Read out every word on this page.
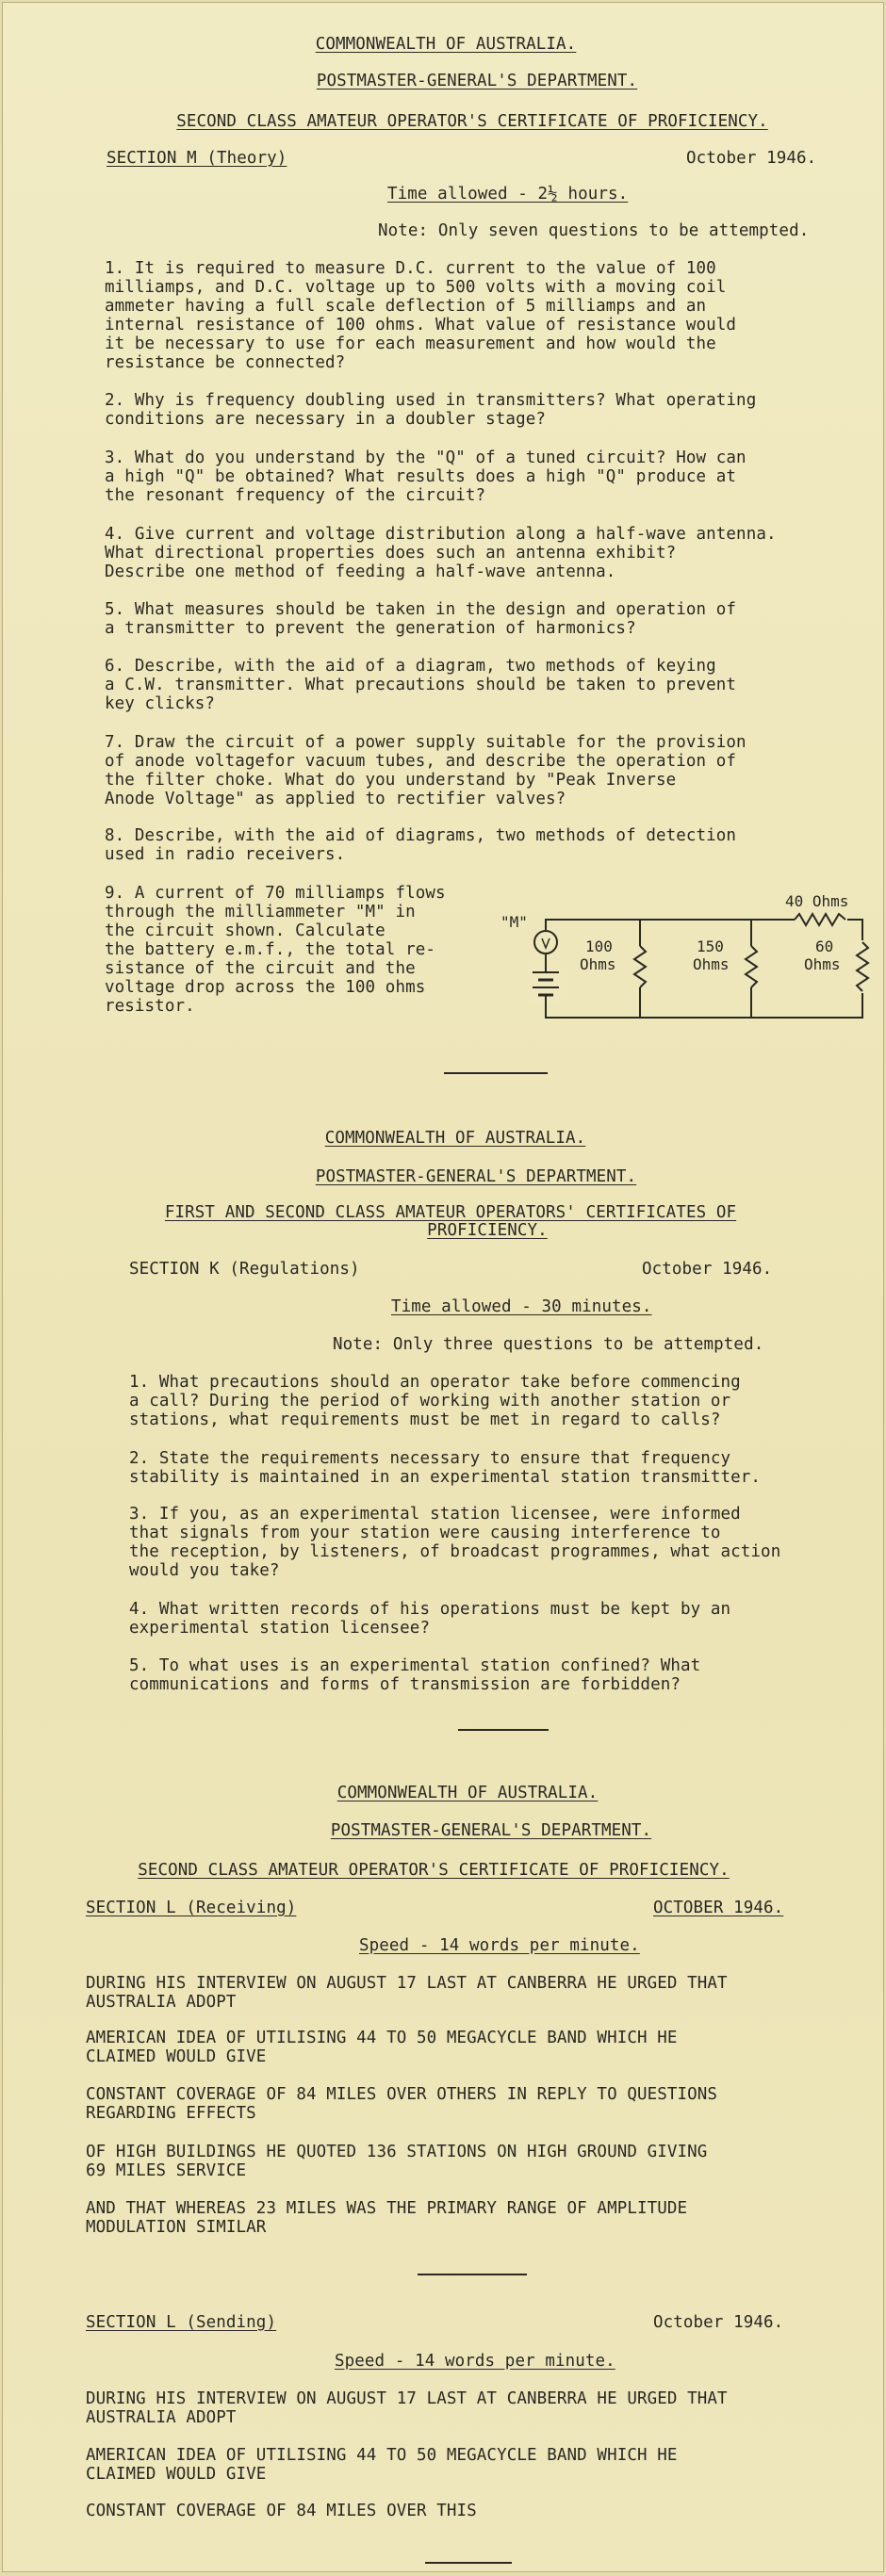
COMMONWEALTH OF AUSTRALIA.
POSTMASTER-GENERAL'S DEPARTMENT.
SECOND CLASS AMATEUR OPERATOR'S CERTIFICATE OF PROFICIENCY.
SECTION M (Theory)	October 1946.
Time allowed - 2½ hours.
Note: Only seven questions to be attempted.
1. It is required to measure D.C. current to the value of 100
milliamps, and D.C. voltage up to 500 volts with a moving coil
ammeter having a full scale deflection of 5 milliamps and an
internal resistance of 100 ohms. What value of resistance would
it be necessary to use for each measurement and how would the
resistance be connected?
2. Why is frequency doubling used in transmitters? What operating
conditions are necessary in a doubler stage?
3. What do you understand by the "Q" of a tuned circuit? How can
a high "Q" be obtained? What results does a high "Q" produce at
the resonant frequency of the circuit?
4. Give current and voltage distribution along a half-wave antenna.
What directional properties does such an antenna exhibit?
Describe one method of feeding a half-wave antenna.
5. What measures should be taken in the design and operation of
a transmitter to prevent the generation of harmonics?
6. Describe, with the aid of a diagram, two methods of keying
a C.W. transmitter. What precautions should be taken to prevent
key clicks?
7. Draw the circuit of a power supply suitable for the provision
of anode voltagefor vacuum tubes, and describe the operation of
the filter choke. What do you understand by "Peak Inverse
Anode Voltage" as applied to rectifier valves?
8. Describe, with the aid of diagrams, two methods of detection
used in radio receivers.
9. A current of 70 milliamps flows
through the milliammeter "M" in
the circuit shown. Calculate
the battery e.m.f., the total re-
sistance of the circuit and the
voltage drop across the 100 ohms
resistor.
"M"
100
Ohms
150
Ohms
60
Ohms
40 Ohms
COMMONWEALTH OF AUSTRALIA.
POSTMASTER-GENERAL'S DEPARTMENT.
FIRST AND SECOND CLASS AMATEUR OPERATORS' CERTIFICATES OF
PROFICIENCY.
SECTION K (Regulations)	October 1946.
Time allowed - 30 minutes.
Note: Only three questions to be attempted.
1. What precautions should an operator take before commencing
a call? During the period of working with another station or
stations, what requirements must be met in regard to calls?
2. State the requirements necessary to ensure that frequency
stability is maintained in an experimental station transmitter.
3. If you, as an experimental station licensee, were informed
that signals from your station were causing interference to
the reception, by listeners, of broadcast programmes, what action
would you take?
4. What written records of his operations must be kept by an
experimental station licensee?
5. To what uses is an experimental station confined? What
communications and forms of transmission are forbidden?
COMMONWEALTH OF AUSTRALIA.
POSTMASTER-GENERAL'S DEPARTMENT.
SECOND CLASS AMATEUR OPERATOR'S CERTIFICATE OF PROFICIENCY.
SECTION L (Receiving)	OCTOBER 1946.
Speed - 14 words per minute.
DURING HIS INTERVIEW ON AUGUST 17 LAST AT CANBERRA HE URGED THAT
AUSTRALIA ADOPT
AMERICAN IDEA OF UTILISING 44 TO 50 MEGACYCLE BAND WHICH HE
CLAIMED WOULD GIVE
CONSTANT COVERAGE OF 84 MILES OVER OTHERS IN REPLY TO QUESTIONS
REGARDING EFFECTS
OF HIGH BUILDINGS HE QUOTED 136 STATIONS ON HIGH GROUND GIVING
69 MILES SERVICE
AND THAT WHEREAS 23 MILES WAS THE PRIMARY RANGE OF AMPLITUDE
MODULATION SIMILAR
SECTION L (Sending)	October 1946.
Speed - 14 words per minute.
DURING HIS INTERVIEW ON AUGUST 17 LAST AT CANBERRA HE URGED THAT
AUSTRALIA ADOPT
AMERICAN IDEA OF UTILISING 44 TO 50 MEGACYCLE BAND WHICH HE
CLAIMED WOULD GIVE
CONSTANT COVERAGE OF 84 MILES OVER THIS
